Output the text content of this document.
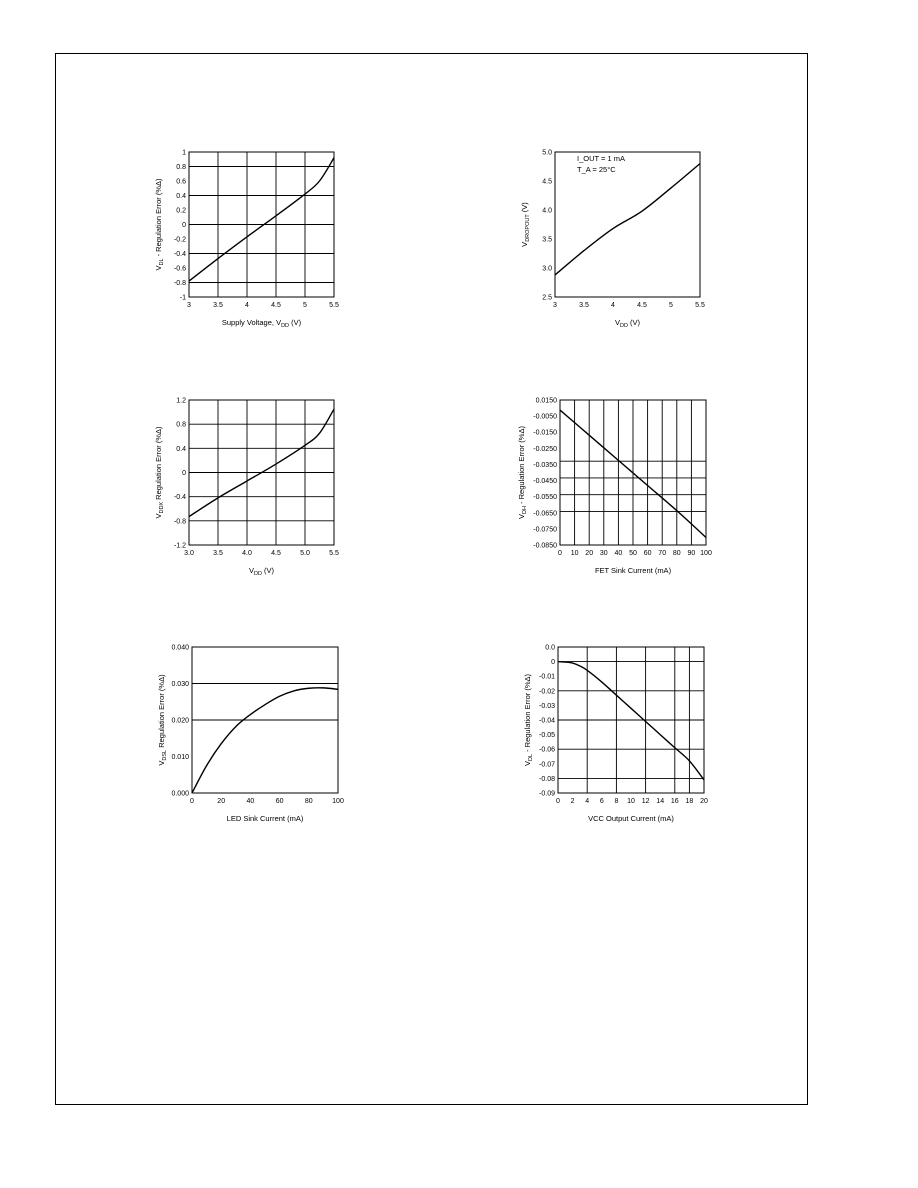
3	3.5	4	4.5	5	5.5
1
0.8
0.6
0.4
0.2
0
-0.2
-0.4
-0.6
-0.8
-1
Supply Voltage, VDD (V)
VDL - Regulation Error (%Δ)
3	3.5	4	4.5	5	5.5
5.0
4.5
4.0
3.5
3.0
2.5
VDD (V)
VDROPOUT (V)
I_OUT = 1 mA
T_A = 25°C
3.0	3.5	4.0	4.5	5.0	5.5
1.2
0.8
0.4
0
-0.4
-0.8
-1.2
VDD (V)
VDDX Regulation Error (%Δ)
0 10 20 30 40 50 60 70 80 90 100
0.0150
-0.0050
-0.0150
-0.0250
-0.0350
-0.0450
-0.0550
-0.0650
-0.0750
-0.0850
FET Sink Current (mA)
VDH - Regulation Error (%Δ)
0	20	40	60	80	100
0.040
0.030
0.020
0.010
0.000
LED Sink Current (mA)
VDSL Regulation Error (%Δ)
0 2 4 6 8 10 12 14 16 18 20
0.0
0
-0.01
-0.02
-0.03
-0.04
-0.05
-0.06
-0.07
-0.08
-0.09
VCC Output Current (mA)
VDL - Regulation Error (%Δ)
